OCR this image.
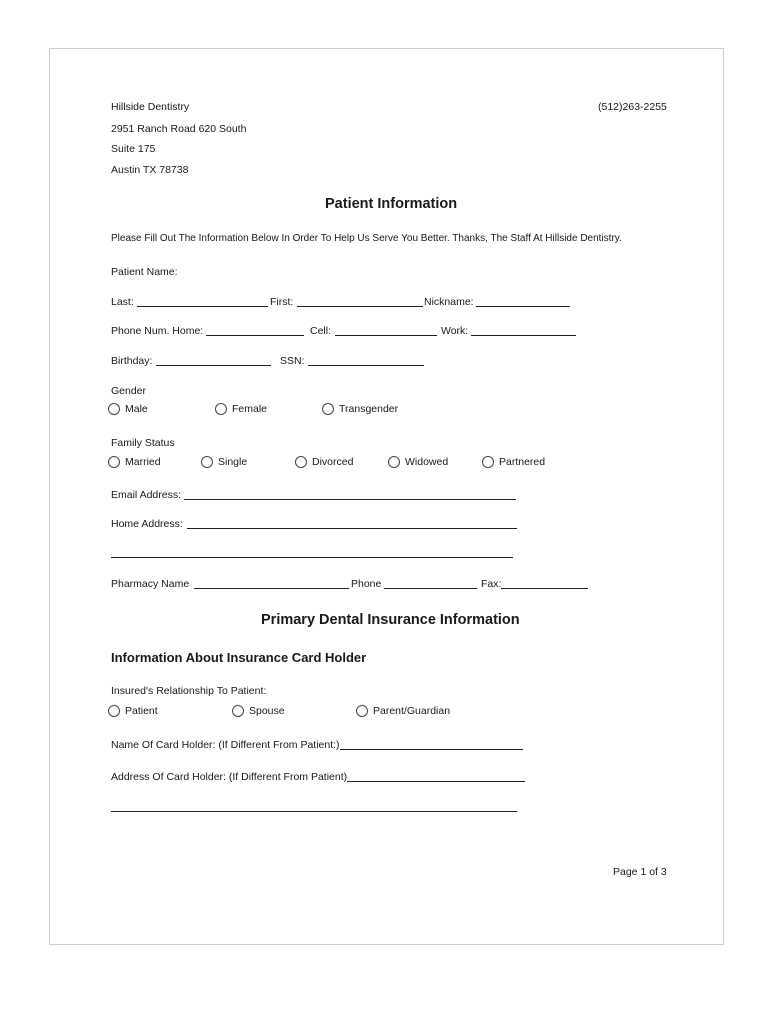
Hillside Dentistry	(512)263-2255
2951 Ranch Road 620 South
Suite 175
Austin TX 78738
Patient Information
Please Fill Out The Information Below In Order To Help Us Serve You Better. Thanks, The Staff At Hillside Dentistry.
Patient Name:
Last:	First:	Nickname:
Phone Num. Home:	Cell:	Work:
Birthday:	SSN:
Gender
Male	Female	Transgender
Family Status
Married	Single	Divorced	Widowed	Partnered
Email Address:
Home Address:
Pharmacy Name	Phone	Fax:
Primary Dental Insurance Information
Information About Insurance Card Holder
Insured's Relationship To Patient:
Patient	Spouse	Parent/Guardian
Name Of Card Holder: (If Different From Patient:)
Address Of Card Holder: (If Different From Patient)
Page 1 of 3
